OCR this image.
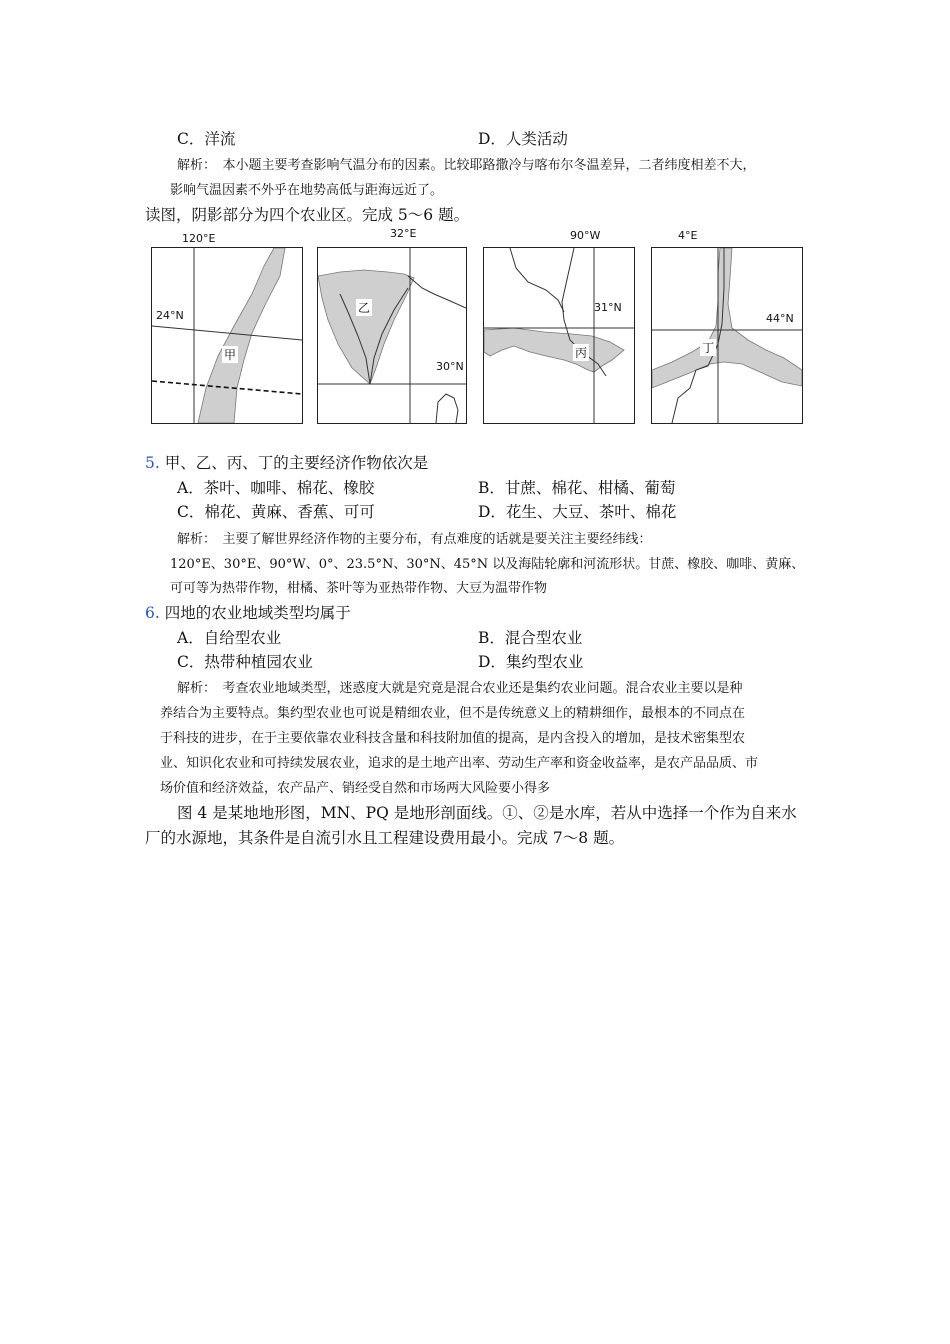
C．洋流	D．人类活动
解析：　本小题主要考查影响气温分布的因素。比较耶路撒冷与喀布尔冬温差异，二者纬度相差不大，
影响气温因素不外乎在地势高低与距海远近了。
读图，阴影部分为四个农业区。完成 5～6 题。
120°E
24°N
甲
32°E
乙
30°N
90°W
31°N
丙
4°E
44°N
丁
5. 甲、乙、丙、丁的主要经济作物依次是
A．茶叶、咖啡、棉花、橡胶	B．甘蔗、棉花、柑橘、葡萄
C．棉花、黄麻、香蕉、可可	D．花生、大豆、茶叶、棉花
解析：　主要了解世界经济作物的主要分布，有点难度的话就是要关注主要经纬线：
120°E、30°E、90°W、0°、23.5°N、30°N、45°N 以及海陆轮廓和河流形状。甘蔗、橡胶、咖啡、黄麻、
可可等为热带作物，柑橘、茶叶等为亚热带作物、大豆为温带作物
6. 四地的农业地域类型均属于
A．自给型农业	B．混合型农业
C．热带种植园农业	D．集约型农业
解析：　考查农业地域类型，迷惑度大就是究竟是混合农业还是集约农业问题。混合农业主要以是种
养结合为主要特点。集约型农业也可说是精细农业，但不是传统意义上的精耕细作，最根本的不同点在
于科技的进步，在于主要依靠农业科技含量和科技附加值的提高，是内含投入的增加，是技术密集型农
业、知识化农业和可持续发展农业，追求的是土地产出率、劳动生产率和资金收益率，是农产品品质、市
场价值和经济效益，农产品产、销经受自然和市场两大风险要小得多
图 4 是某地地形图，MN、PQ 是地形剖面线。①、②是水库，若从中选择一个作为自来水
厂的水源地，其条件是自流引水且工程建设费用最小。完成 7～8 题。
